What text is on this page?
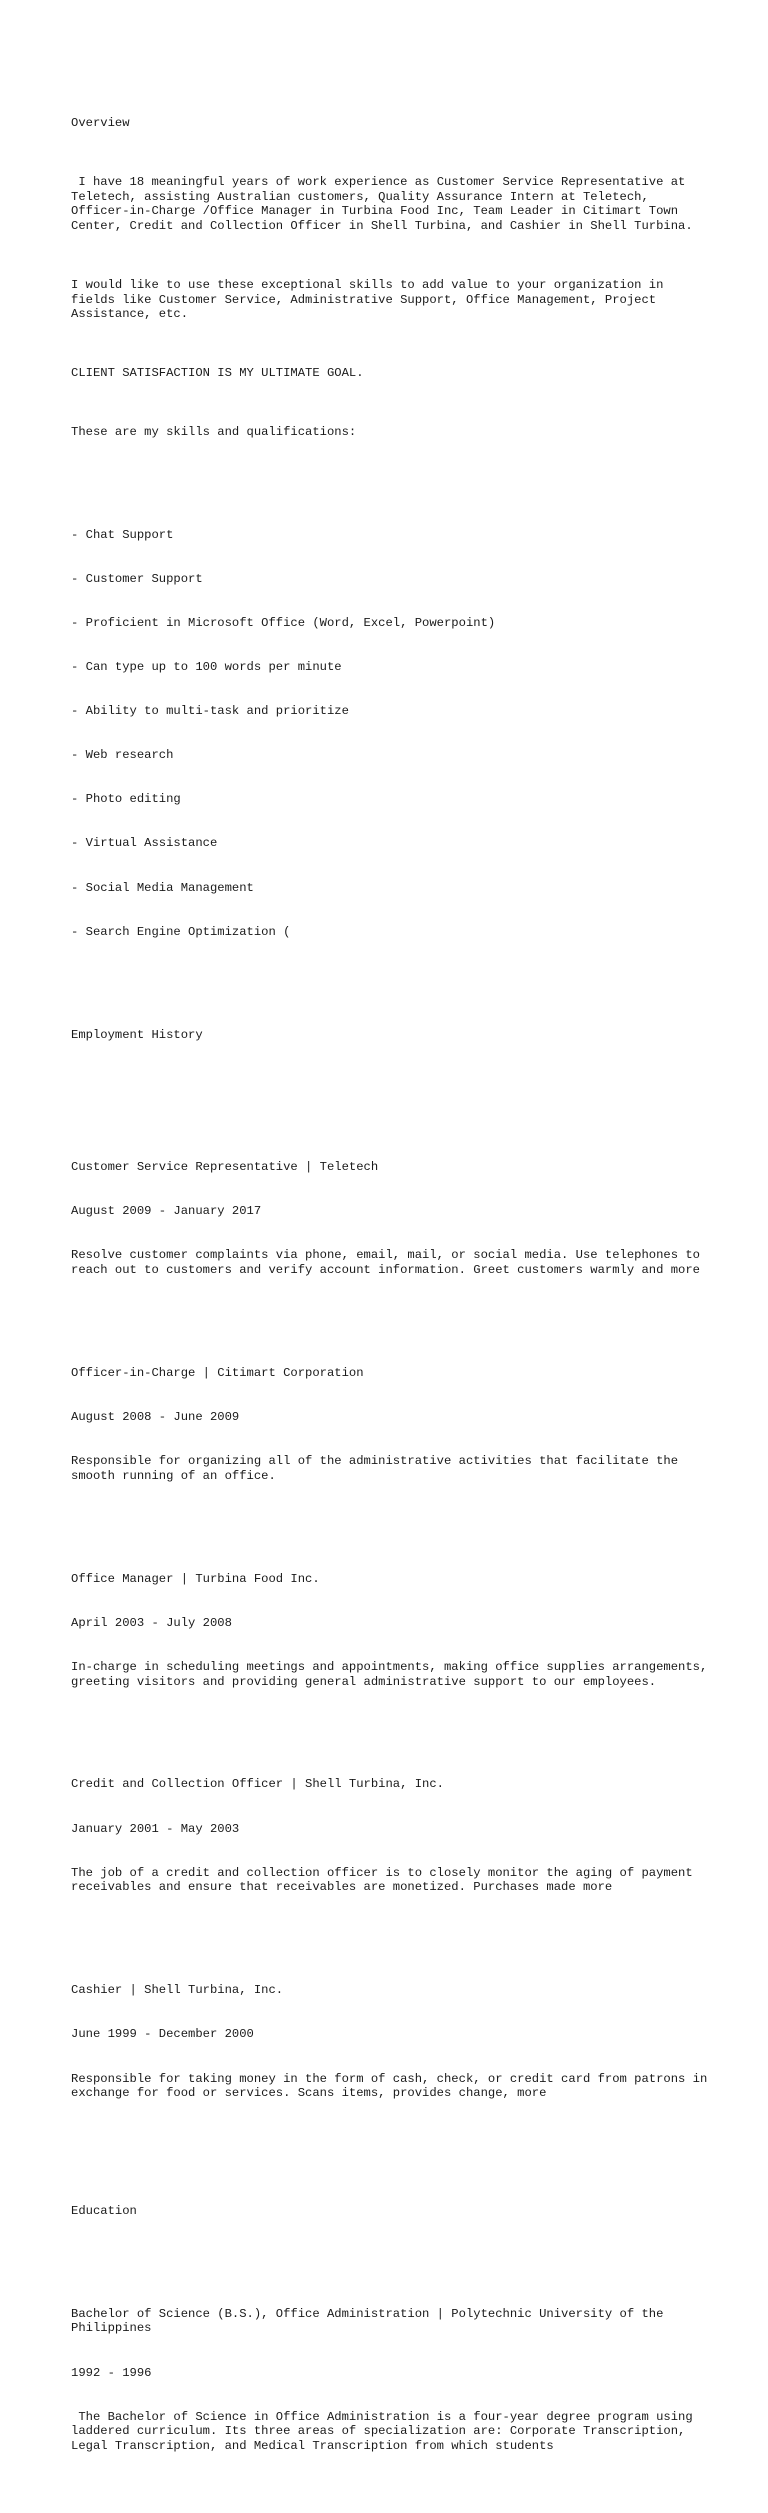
Overview

I have 18 meaningful years of work experience as Customer Service Representative at Teletech, assisting Australian customers, Quality Assurance Intern at Teletech, Officer-in-Charge /Office Manager in Turbina Food Inc, Team Leader in Citimart Town Center, Credit and Collection Officer in Shell Turbina, and Cashier in Shell Turbina.

I would like to use these exceptional skills to add value to your organization in fields like Customer Service, Administrative Support, Office Management, Project Assistance, etc.

CLIENT SATISFACTION IS MY ULTIMATE GOAL.

These are my skills and qualifications:

- Chat Support

- Customer Support

- Proficient in Microsoft Office (Word, Excel, Powerpoint)

- Can type up to 100 words per minute

- Ability to multi-task and prioritize

- Web research

- Photo editing

- Virtual Assistance

- Social Media Management

- Search Engine Optimization (

Employment History

Customer Service Representative | Teletech

August 2009 - January 2017

Resolve customer complaints via phone, email, mail, or social media. Use telephones to reach out to customers and verify account information. Greet customers warmly and more

Officer-in-Charge | Citimart Corporation

August 2008 - June 2009

Responsible for organizing all of the administrative activities that facilitate the smooth running of an office.

Office Manager | Turbina Food Inc.

April 2003 - July 2008

In-charge in scheduling meetings and appointments, making office supplies arrangements, greeting visitors and providing general administrative support to our employees.

Credit and Collection Officer | Shell Turbina, Inc.

January 2001 - May 2003

The job of a credit and collection officer is to closely monitor the aging of payment receivables and ensure that receivables are monetized. Purchases made more

Cashier | Shell Turbina, Inc.

June 1999 - December 2000

Responsible for taking money in the form of cash, check, or credit card from patrons in exchange for food or services. Scans items, provides change, more

Education

Bachelor of Science (B.S.), Office Administration | Polytechnic University of the Philippines

1992 - 1996

The Bachelor of Science in Office Administration is a four-year degree program using laddered curriculum. Its three areas of specialization are: Corporate Transcription, Legal Transcription, and Medical Transcription from which students
